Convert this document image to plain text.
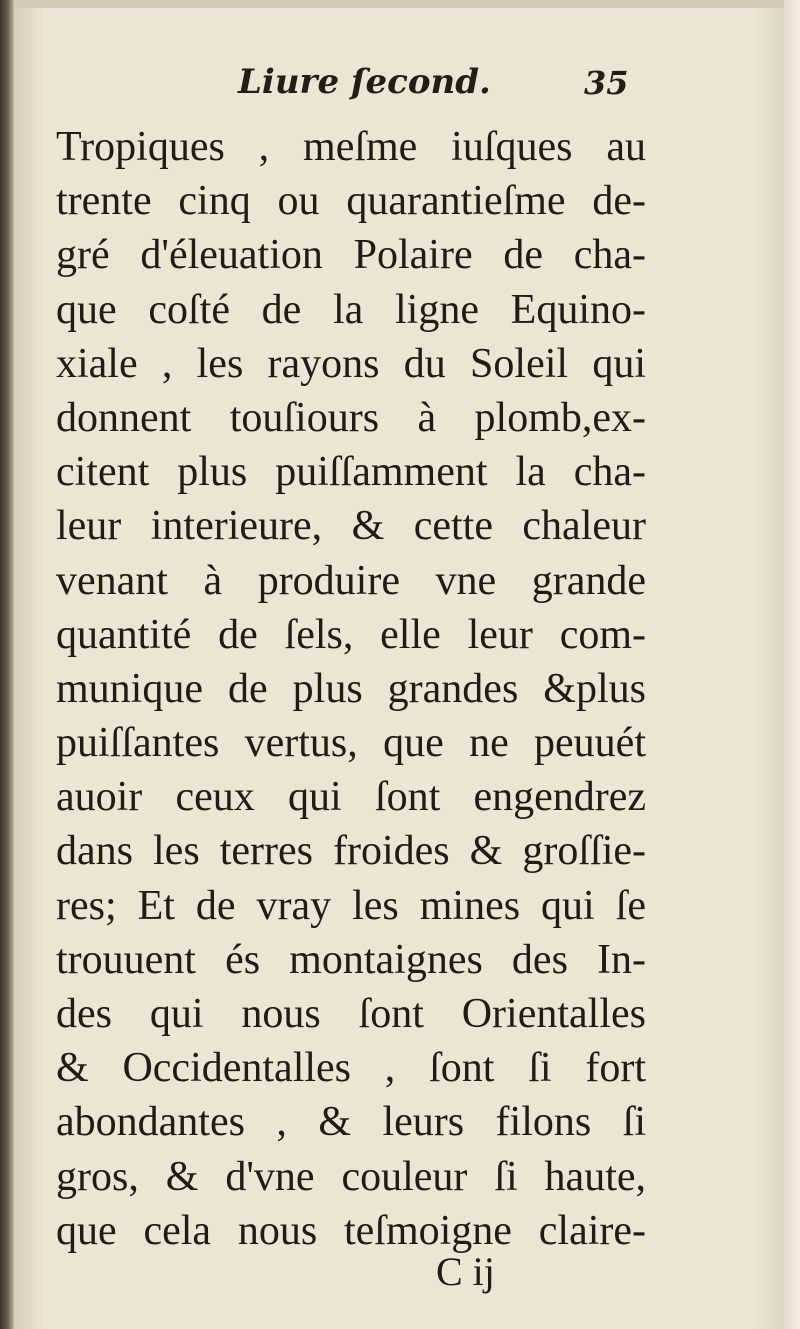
Liure ſecond.	35
Tropiques , meſme iuſques au
trente cinq ou quarantieſme de-
gré d'éleuation Polaire de cha-
que coſté de la ligne Equino-
xiale , les rayons du Soleil qui
donnent touſiours à plomb,ex-
citent plus puiſſamment la cha-
leur interieure, & cette chaleur
venant à produire vne grande
quantité de ſels, elle leur com-
munique de plus grandes &plus
puiſſantes vertus, que ne peuuét
auoir ceux qui ſont engendrez
dans les terres froides & groſſie-
res; Et de vray les mines qui ſe
trouuent és montaignes des In-
des qui nous ſont Orientalles
& Occidentalles , ſont ſi fort
abondantes , & leurs filons ſi
gros, & d'vne couleur ſi haute,
que cela nous teſmoigne claire-
C ij
